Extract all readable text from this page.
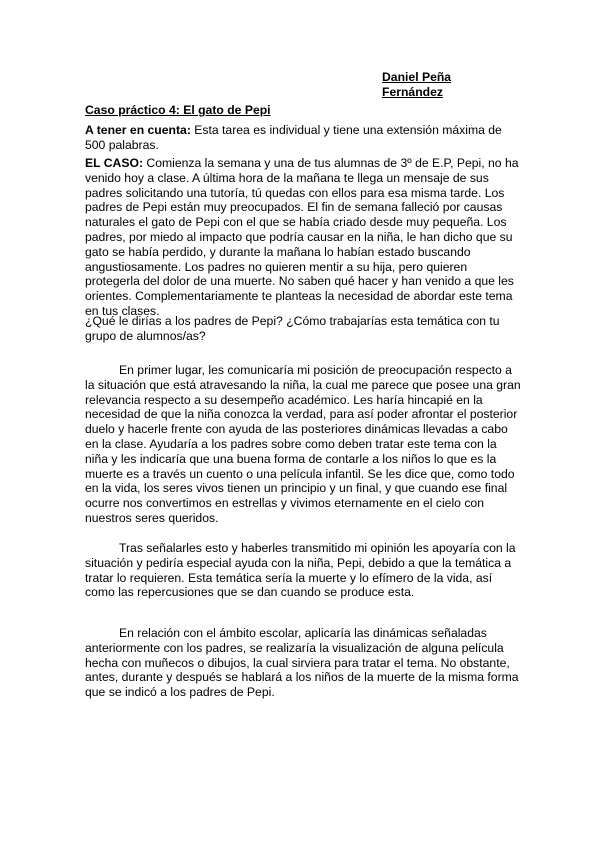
Daniel Peña
Fernández
Caso práctico 4: El gato de Pepi

A tener en cuenta: Esta tarea es individual y tiene una extensión máxima de 500 palabras.

EL CASO: Comienza la semana y una de tus alumnas de 3º de E.P, Pepi, no ha venido hoy a clase. A última hora de la mañana te llega un mensaje de sus padres solicitando una tutoría, tú quedas con ellos para esa misma tarde. Los padres de Pepi están muy preocupados. El fin de semana falleció por causas naturales el gato de Pepi con el que se había criado desde muy pequeña. Los padres, por miedo al impacto que podría causar en la niña, le han dicho que su gato se había perdido, y durante la mañana lo habían estado buscando angustiosamente. Los padres no quieren mentir a su hija, pero quieren protegerla del dolor de una muerte. No saben qué hacer y han venido a que les orientes. Complementariamente te planteas la necesidad de abordar este tema en tus clases.

¿Qué le dirías a los padres de Pepi? ¿Cómo trabajarías esta temática con tu grupo de alumnos/as?

En primer lugar, les comunicaría mi posición de preocupación respecto a la situación que está atravesando la niña, la cual me parece que posee una gran relevancia respecto a su desempeño académico. Les haría hincapié en la necesidad de que la niña conozca la verdad, para así poder afrontar el posterior duelo y hacerle frente con ayuda de las posteriores dinámicas llevadas a cabo en la clase. Ayudaría a los padres sobre como deben tratar este tema con la niña y les indicaría que una buena forma de contarle a los niños lo que es la muerte es a través un cuento o una película infantil. Se les dice que, como todo en la vida, los seres vivos tienen un principio y un final, y que cuando ese final ocurre nos convertimos en estrellas y vivimos eternamente en el cielo con nuestros seres queridos.

Tras señalarles esto y haberles transmitido mi opinión les apoyaría con la situación y pediría especial ayuda con la niña, Pepi, debido a que la temática a tratar lo requieren. Esta temática sería la muerte y lo efímero de la vida, así como las repercusiones que se dan cuando se produce esta.

En relación con el ámbito escolar, aplicaría las dinámicas señaladas anteriormente con los padres, se realizaría la visualización de alguna película hecha con muñecos o dibujos, la cual sirviera para tratar el tema. No obstante, antes, durante y después se hablará a los niños de la muerte de la misma forma que se indicó a los padres de Pepi.
